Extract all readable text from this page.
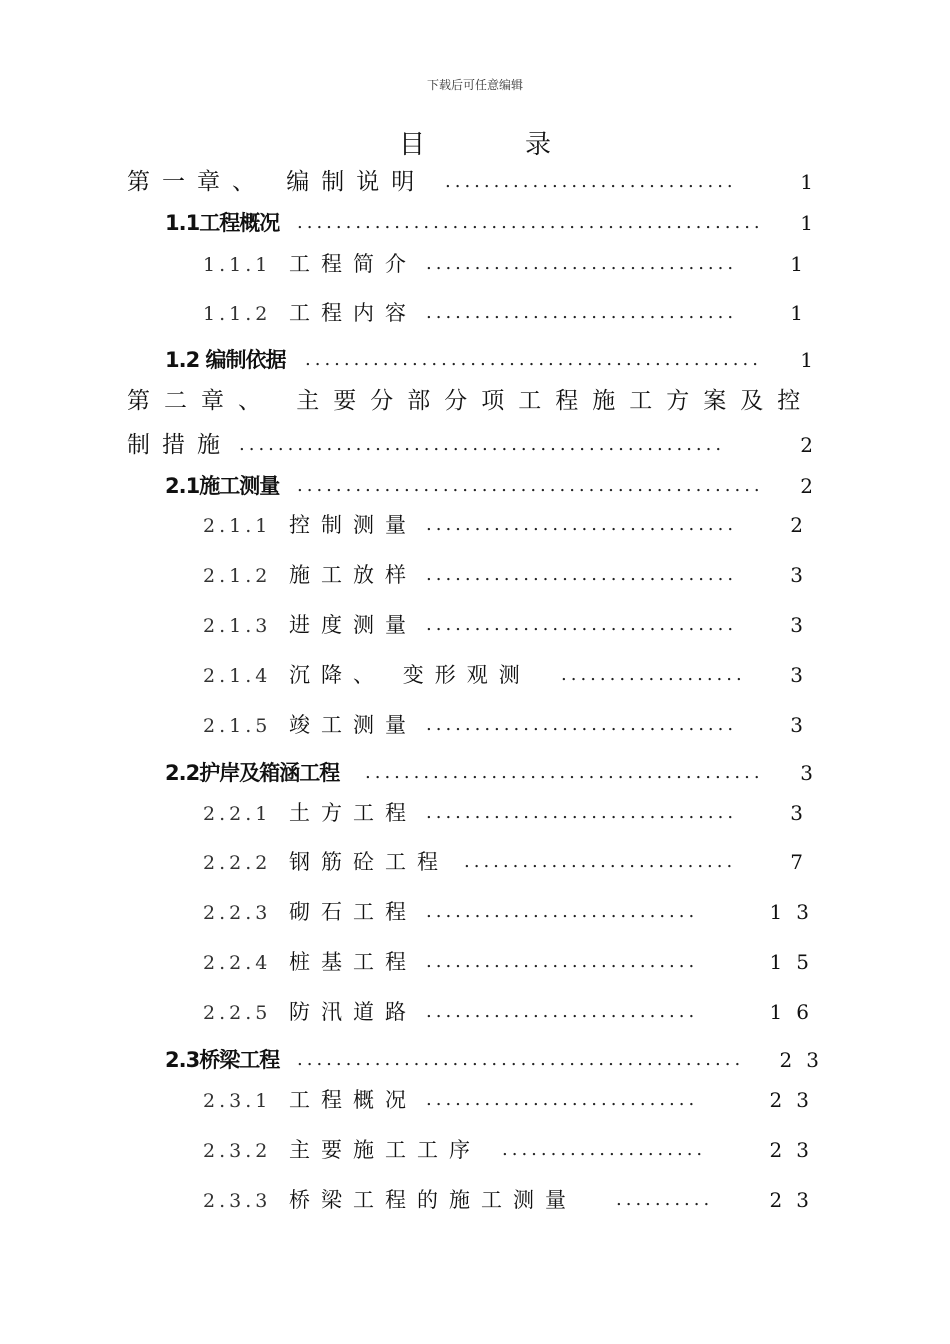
下载后可任意编辑
目	录
第一章、 编制说明 ..............................	1
1.1工程概况 ................................................	1
1.1.1 工程简介 ................................	1
1.1.2 工程内容 ................................	1
1.2 编制依据 ...............................................	1
第二章、 主要分部分项工程施工方案及控
制措施 ..................................................	2
2.1施工测量 ................................................	2
2.1.1 控制测量 ................................	2
2.1.2 施工放样 ................................	3
2.1.3 进度测量 ................................	3
2.1.4 沉降、 变形观测 ...................	3
2.1.5 竣工测量 ................................	3
2.2护岸及箱涵工程 .........................................	3
2.2.1 土方工程 ................................	3
2.2.2 钢筋砼工程 ............................	7
2.2.3 砌石工程 ............................	13
2.2.4 桩基工程 ............................	15
2.2.5 防汛道路 ............................	16
2.3桥梁工程 ..............................................	23
2.3.1 工程概况 ............................	23
2.3.2 主要施工工序 .....................	23
2.3.3 桥梁工程的施工测量 ..........	23
